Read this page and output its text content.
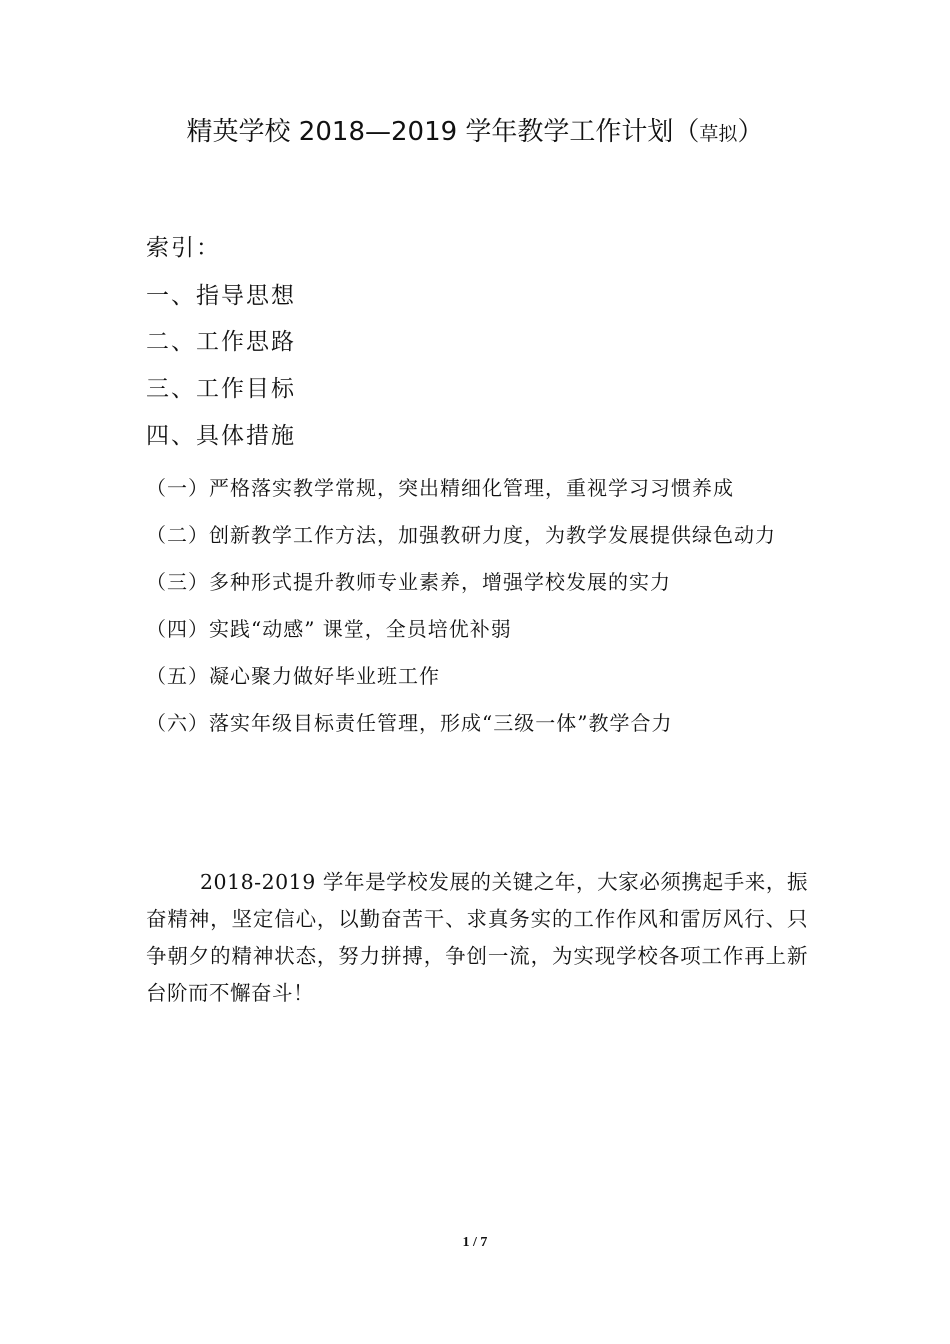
精英学校 2018—2019 学年教学工作计划（草拟）
索引：
一、指导思想
二、工作思路
三、工作目标
四、具体措施
（一）严格落实教学常规，突出精细化管理，重视学习习惯养成
（二）创新教学工作方法，加强教研力度，为教学发展提供绿色动力
（三）多种形式提升教师专业素养，增强学校发展的实力
（四）实践“动感” 课堂，全员培优补弱
（五）凝心聚力做好毕业班工作
（六）落实年级目标责任管理，形成“三级一体”教学合力

2018-2019 学年是学校发展的关键之年，大家必须携起手来，振奋精神，坚定信心，以勤奋苦干、求真务实的工作作风和雷厉风行、只争朝夕的精神状态，努力拼搏，争创一流，为实现学校各项工作再上新台阶而不懈奋斗！

1 / 7
